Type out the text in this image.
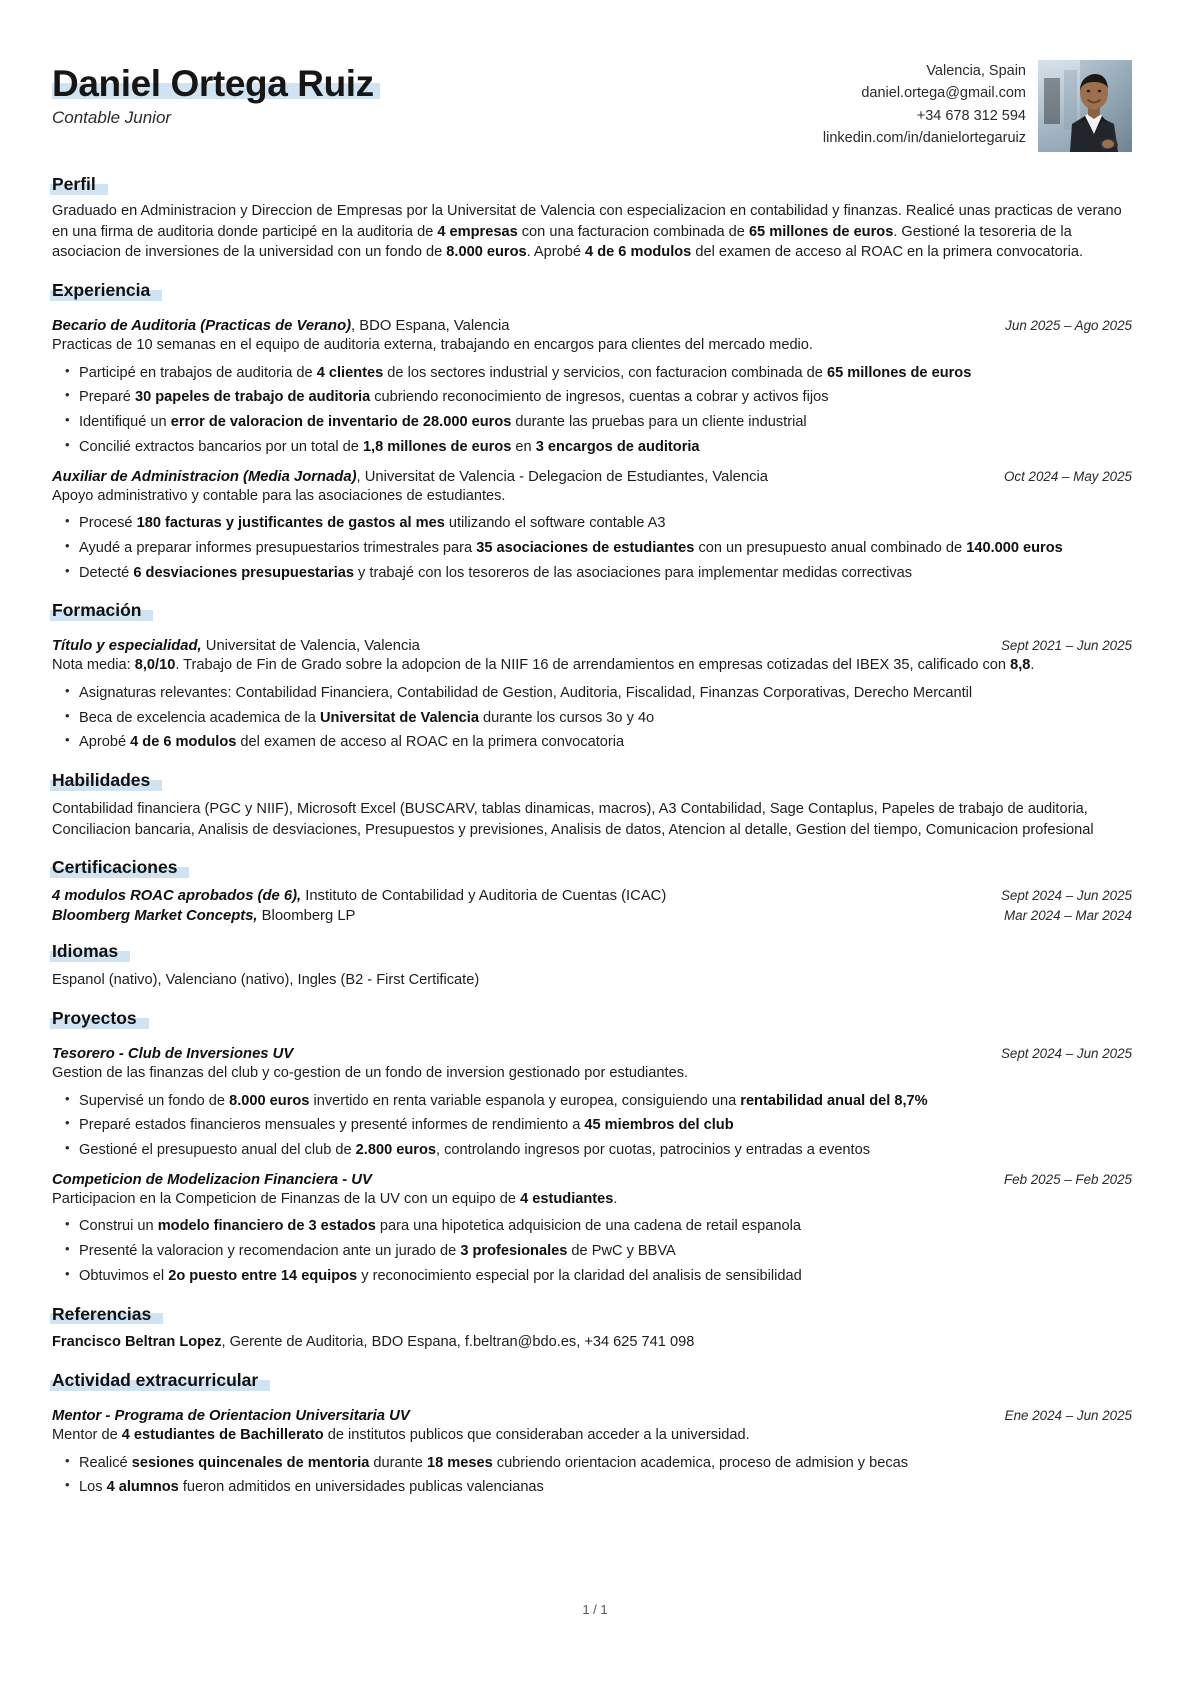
Daniel Ortega Ruiz
Contable Junior
Valencia, Spain
daniel.ortega@gmail.com
+34 678 312 594
linkedin.com/in/danielortegaruiz
Perfil

Graduado en Administracion y Direccion de Empresas por la Universitat de Valencia con especializacion en contabilidad y finanzas. Realicé unas practicas de verano en una firma de auditoria donde participé en la auditoria de 4 empresas con una facturacion combinada de 65 millones de euros. Gestioné la tesoreria de la asociacion de inversiones de la universidad con un fondo de 8.000 euros. Aprobé 4 de 6 modulos del examen de acceso al ROAC en la primera convocatoria.

Experiencia
Becario de Auditoria (Practicas de Verano), BDO Espana, Valencia	Jun 2025 – Ago 2025

Practicas de 10 semanas en el equipo de auditoria externa, trabajando en encargos para clientes del mercado medio.

• Participé en trabajos de auditoria de 4 clientes de los sectores industrial y servicios, con facturacion combinada de 65 millones de euros
• Preparé 30 papeles de trabajo de auditoria cubriendo reconocimiento de ingresos, cuentas a cobrar y activos fijos
• Identifiqué un error de valoracion de inventario de 28.000 euros durante las pruebas para un cliente industrial
• Concilié extractos bancarios por un total de 1,8 millones de euros en 3 encargos de auditoria
Auxiliar de Administracion (Media Jornada), Universitat de Valencia - Delegacion de Estudiantes, Valencia	Oct 2024 – May 2025

Apoyo administrativo y contable para las asociaciones de estudiantes.

• Procesé 180 facturas y justificantes de gastos al mes utilizando el software contable A3
• Ayudé a preparar informes presupuestarios trimestrales para 35 asociaciones de estudiantes con un presupuesto anual combinado de 140.000 euros
• Detecté 6 desviaciones presupuestarias y trabajé con los tesoreros de las asociaciones para implementar medidas correctivas
Formación
Título y especialidad, Universitat de Valencia, Valencia	Sept 2021 – Jun 2025

Nota media: 8,0/10. Trabajo de Fin de Grado sobre la adopcion de la NIIF 16 de arrendamientos en empresas cotizadas del IBEX 35, calificado con 8,8.

• Asignaturas relevantes: Contabilidad Financiera, Contabilidad de Gestion, Auditoria, Fiscalidad, Finanzas Corporativas, Derecho Mercantil
• Beca de excelencia academica de la Universitat de Valencia durante los cursos 3o y 4o
• Aprobé 4 de 6 modulos del examen de acceso al ROAC en la primera convocatoria
Habilidades

Contabilidad financiera (PGC y NIIF), Microsoft Excel (BUSCARV, tablas dinamicas, macros), A3 Contabilidad, Sage Contaplus, Papeles de trabajo de auditoria, Conciliacion bancaria, Analisis de desviaciones, Presupuestos y previsiones, Analisis de datos, Atencion al detalle, Gestion del tiempo, Comunicacion profesional

Certificaciones
4 modulos ROAC aprobados (de 6), Instituto de Contabilidad y Auditoria de Cuentas (ICAC)	Sept 2024 – Jun 2025
Bloomberg Market Concepts, Bloomberg LP	Mar 2024 – Mar 2024
Idiomas

Espanol (nativo), Valenciano (nativo), Ingles (B2 - First Certificate)

Proyectos
Tesorero - Club de Inversiones UV	Sept 2024 – Jun 2025

Gestion de las finanzas del club y co-gestion de un fondo de inversion gestionado por estudiantes.

• Supervisé un fondo de 8.000 euros invertido en renta variable espanola y europea, consiguiendo una rentabilidad anual del 8,7%
• Preparé estados financieros mensuales y presenté informes de rendimiento a 45 miembros del club
• Gestioné el presupuesto anual del club de 2.800 euros, controlando ingresos por cuotas, patrocinios y entradas a eventos
Competicion de Modelizacion Financiera - UV	Feb 2025 – Feb 2025

Participacion en la Competicion de Finanzas de la UV con un equipo de 4 estudiantes.

• Construi un modelo financiero de 3 estados para una hipotetica adquisicion de una cadena de retail espanola
• Presenté la valoracion y recomendacion ante un jurado de 3 profesionales de PwC y BBVA
• Obtuvimos el 2o puesto entre 14 equipos y reconocimiento especial por la claridad del analisis de sensibilidad
Referencias

Francisco Beltran Lopez, Gerente de Auditoria, BDO Espana, f.beltran@bdo.es, +34 625 741 098

Actividad extracurricular
Mentor - Programa de Orientacion Universitaria UV	Ene 2024 – Jun 2025

Mentor de 4 estudiantes de Bachillerato de institutos publicos que consideraban acceder a la universidad.

• Realicé sesiones quincenales de mentoria durante 18 meses cubriendo orientacion academica, proceso de admision y becas
• Los 4 alumnos fueron admitidos en universidades publicas valencianas
1 / 1
